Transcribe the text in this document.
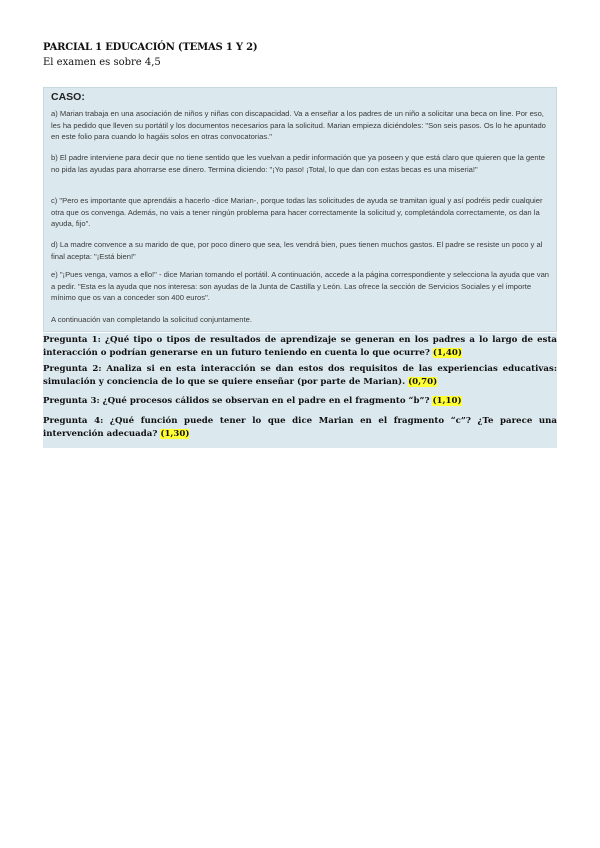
PARCIAL 1 EDUCACIÓN (TEMAS 1 Y 2)
El examen es sobre 4,5
CASO:
a) Marian trabaja en una asociación de niños y niñas con discapacidad. Va a enseñar a los padres de un niño a solicitar una beca on line. Por eso, les ha pedido que lleven su portátil y los documentos necesarios para la solicitud. Marian empieza diciéndoles: "Son seis pasos. Os lo he apuntado en este folio para cuando lo hagáis solos en otras convocatorias."
b) El padre interviene para decir que no tiene sentido que les vuelvan a pedir información que ya poseen y que está claro que quieren que la gente no pida las ayudas para ahorrarse ese dinero. Termina diciendo: "¡Yo paso! ¡Total, lo que dan con estas becas es una miseria!"
c) "Pero es importante que aprendáis a hacerlo -dice Marian-, porque todas las solicitudes de ayuda se tramitan igual y así podréis pedir cualquier otra que os convenga. Además, no vais a tener ningún problema para hacer correctamente la solicitud y, completándola correctamente, os dan la ayuda, fijo".
d) La madre convence a su marido de que, por poco dinero que sea, les vendrá bien, pues tienen muchos gastos. El padre se resiste un poco y al final acepta: "¡Está bien!"
e) "¡Pues venga, vamos a ello!" - dice Marian tomando el portátil. A continuación, accede a la página correspondiente y selecciona la ayuda que van a pedir. "Esta es la ayuda que nos interesa: son ayudas de la Junta de Castilla y León. Las ofrece la sección de Servicios Sociales y el importe mínimo que os van a conceder son 400 euros".
A continuación van completando la solicitud conjuntamente.
Pregunta 1: ¿Qué tipo o tipos de resultados de aprendizaje se generan en los padres a lo largo de esta interacción o podrían generarse en un futuro teniendo en cuenta lo que ocurre? (1,40)
Pregunta 2: Analiza si en esta interacción se dan estos dos requisitos de las experiencias educativas: simulación y conciencia de lo que se quiere enseñar (por parte de Marian). (0,70)
Pregunta 3: ¿Qué procesos cálidos se observan en el padre en el fragmento “b”? (1,10)
Pregunta 4: ¿Qué función puede tener lo que dice Marian en el fragmento “c”? ¿Te parece una intervención adecuada? (1,30)
